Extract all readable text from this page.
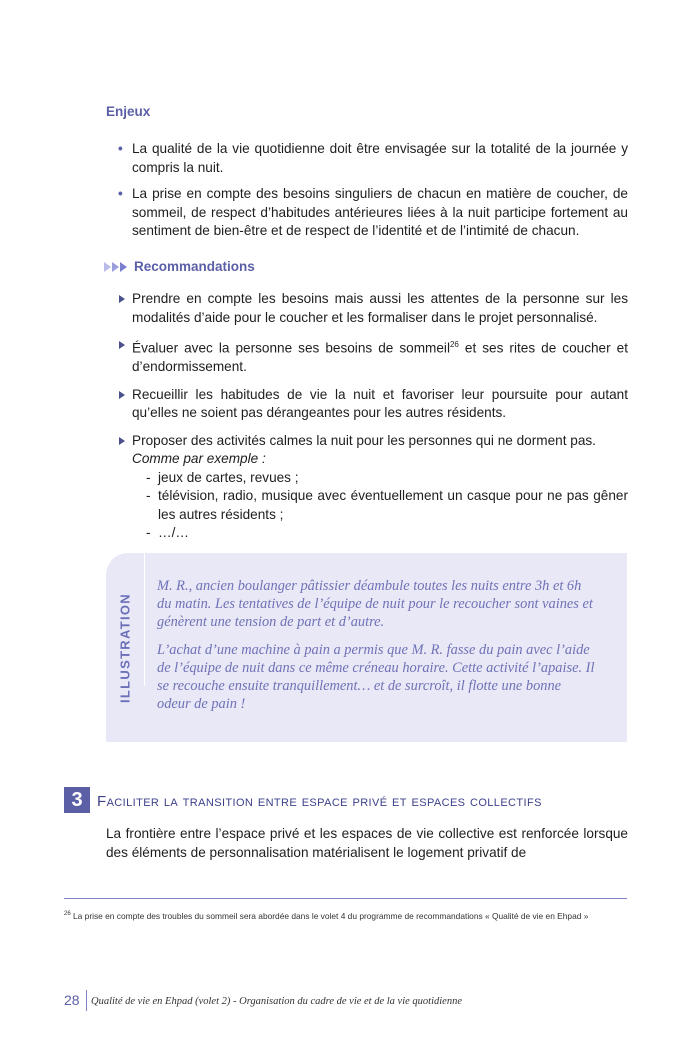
Enjeux
• La qualité de la vie quotidienne doit être envisagée sur la totalité de la journée y compris la nuit.
• La prise en compte des besoins singuliers de chacun en matière de coucher, de sommeil, de respect d’habitudes antérieures liées à la nuit participe fortement au sentiment de bien-être et de respect de l’identité et de l’intimité de chacun.
Recommandations
Prendre en compte les besoins mais aussi les attentes de la personne sur les modalités d’aide pour le coucher et les formaliser dans le projet personnalisé.
Évaluer avec la personne ses besoins de sommeil$^{26}$ et ses rites de coucher et d’endormissement.
Recueillir les habitudes de vie la nuit et favoriser leur poursuite pour autant qu’elles ne soient pas dérangeantes pour les autres résidents.
Proposer des activités calmes la nuit pour les personnes qui ne dorment pas.
Comme par exemple :
- jeux de cartes, revues ;
- télévision, radio, musique avec éventuellement un casque pour ne pas gêner les autres résidents ;
- …/…
ILLUSTRATION

M. R., ancien boulanger pâtissier déambule toutes les nuits entre 3h et 6h du matin. Les tentatives de l’équipe de nuit pour le recoucher sont vaines et génèrent une tension de part et d’autre.

L’achat d’une machine à pain a permis que M. R. fasse du pain avec l’aide de l’équipe de nuit dans ce même créneau horaire. Cette activité l’apaise. Il se recouche ensuite tranquillement… et de surcroît, il flotte une bonne odeur de pain !

3 Faciliter la transition entre espace privé et espaces collectifs
La frontière entre l’espace privé et les espaces de vie collective est renforcée lorsque des éléments de personnalisation matérialisent le logement privatif de
$^{26}$ La prise en compte des troubles du sommeil sera abordée dans le volet 4 du programme de recommandations « Qualité de vie en Ehpad »
28 Qualité de vie en Ehpad (volet 2) - Organisation du cadre de vie et de la vie quotidienne
